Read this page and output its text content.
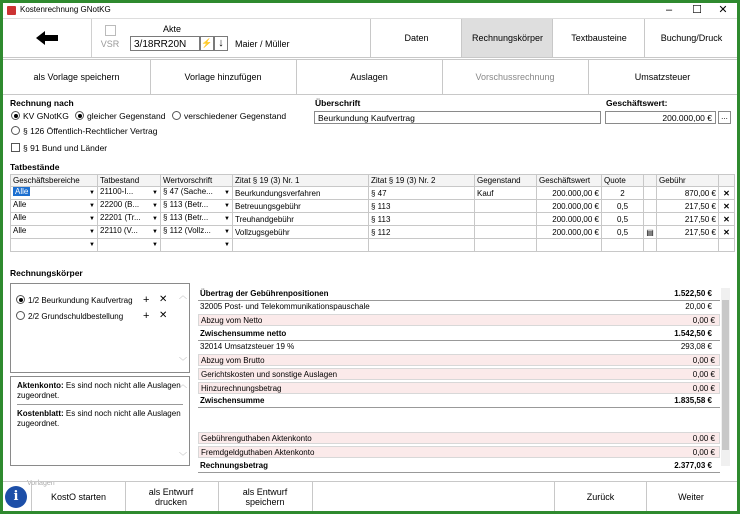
Kostenrechnung GNotKG	–	☐	✕
VSR
Akte
3/18RR20N	⚡ ↓	Maier / Müller
Daten	Rechnungskörper	Textbausteine	Buchung/Druck
als Vorlage speichern	Vorlage hinzufügen	Auslagen	Vorschussrechnung	Umsatzsteuer
Rechnung nach
KV GNotKG	gleicher Gegenstand	verschiedener Gegenstand
§ 126 Öffentlich-Rechtlicher Vertrag
§ 91 Bund und Länder
Überschrift
Beurkundung Kaufvertrag
Geschäftswert:
200.000,00 €	...
Tatbestände
Geschäftsbereiche	Tatbestand	Wertvorschrift	Zitat § 19 (3) Nr. 1	Zitat § 19 (3) Nr. 2	Gegenstand	Geschäftswert	Quote		Gebühr	
Alle ▼	21100-I... ▼	§ 47 (Sache... ▼	Beurkundungsverfahren	§ 47	Kauf	200.000,00 €	2		870,00 €	✕
Alle ▼	22200 (B... ▼	§ 113 (Betr... ▼	Betreuungsgebühr	§ 113		200.000,00 €	0,5		217,50 €	✕
Alle ▼	22201 (Tr... ▼	§ 113 (Betr... ▼	Treuhandgebühr	§ 113		200.000,00 €	0,5		217,50 €	✕
Alle ▼	22110 (V... ▼	§ 112 (Vollz... ▼	Vollzugsgebühr	§ 112		200.000,00 €	0,5	▤	217,50 €	✕

▼	▼	▼								

Rechnungskörper
1/2 Beurkundung Kaufvertrag + ✕
2/2 Grundschuldbestellung + ✕
︿
﹀
Aktenkonto: Es sind noch nicht alle Auslagen zugeordnet.
Kostenblatt: Es sind noch nicht alle Auslagen zugeordnet.
︿
﹀
Übertrag der Gebührenpositionen	1.522,50 €
32005 Post- und Telekommunikationspauschale	20,00 €
Abzug vom Netto	0,00 €
Zwischensumme netto	1.542,50 €
32014 Umsatzsteuer 19 %	293,08 €
Abzug vom Brutto	0,00 €
Gerichtskosten und sonstige Auslagen	0,00 €
Hinzurechnungsbetrag	0,00 €
Zwischensumme	1.835,58 €
Gebührenguthaben Aktenkonto	0,00 €
Fremdgeldguthaben Aktenkonto	0,00 €
Rechnungsbetrag	2.377,03 €
Vorlagen
i	KostO starten	als Entwurf drucken
als Entwurf speichern	Zurück	Weiter
